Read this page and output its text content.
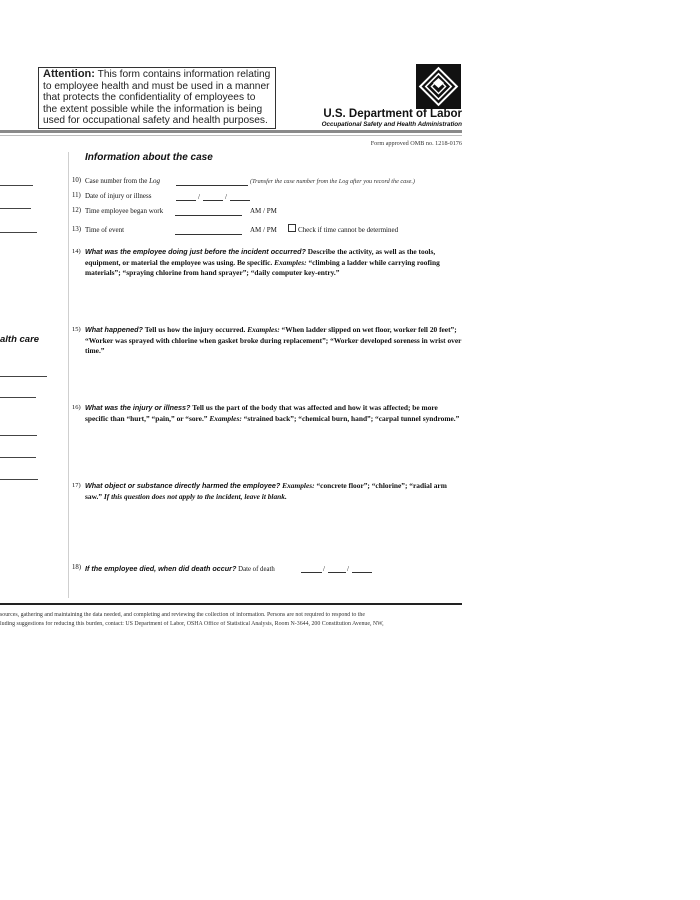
Attention: This form contains information relating to employee health and must be used in a manner that protects the confidentiality of employees to the extent possible while the information is being used for occupational safety and health purposes.
U.S. Department of Labor
Occupational Safety and Health Administration
Form approved OMB no. 1218-0176
alth care
Information about the case
10) Case number from the Log	(Transfer the case number from the Log after you record the case.)
11) Date of injury or illness	/	/
12) Time employee began work	AM / PM
13) Time of event	AM / PM	Check if time cannot be determined
14) What was the employee doing just before the incident occurred? Describe the activity, as well as the tools, equipment, or material the employee was using. Be specific. Examples: “climbing a ladder while carrying roofing materials”; “spraying chlorine from hand sprayer”; “daily computer key-entry.”
15) What happened? Tell us how the injury occurred. Examples: “When ladder slipped on wet floor, worker fell 20 feet”; “Worker was sprayed with chlorine when gasket broke during replacement”; “Worker developed soreness in wrist over time.”
16) What was the injury or illness? Tell us the part of the body that was affected and how it was affected; be more specific than “hurt,” “pain,” or “sore.” Examples: “strained back”; “chemical burn, hand”; “carpal tunnel syndrome.”
17) What object or substance directly harmed the employee? Examples: “concrete floor”; “chlorine”; “radial arm saw.” If this question does not apply to the incident, leave it blank.
18) If the employee died, when did death occur? Date of death	/	/
sources, gathering and maintaining the data needed, and completing and reviewing the collection of information. Persons are not required to respond to the
luding suggestions for reducing this burden, contact: US Department of Labor, OSHA Office of Statistical Analysis, Room N-3644, 200 Constitution Avenue, NW,
